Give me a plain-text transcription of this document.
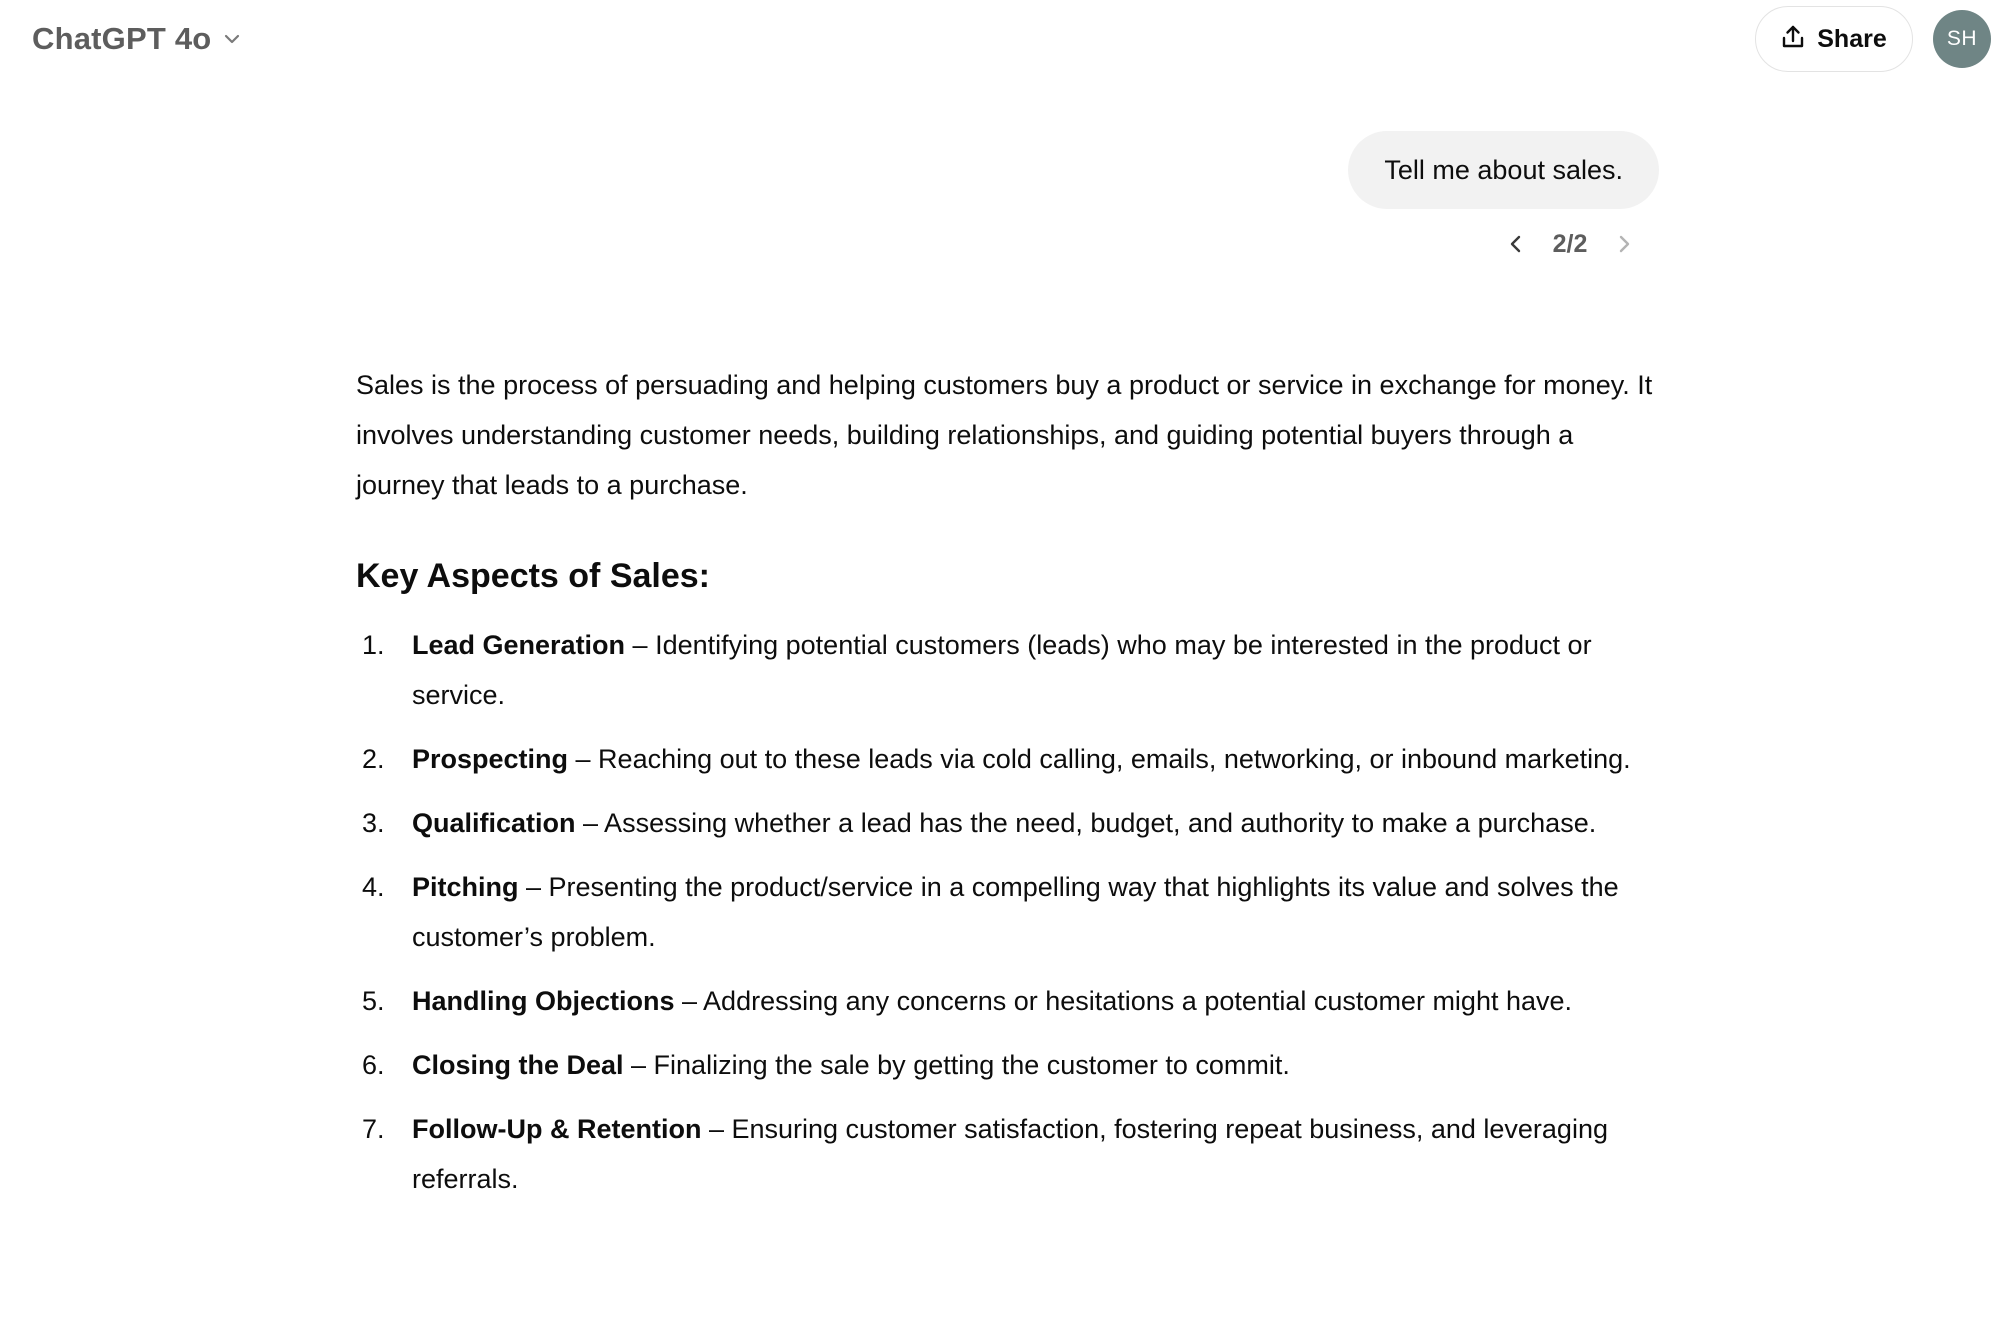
ChatGPT 4o	Share	SH
Tell me about sales.
2/2

Sales is the process of persuading and helping customers buy a product or service in exchange for money. It involves understanding customer needs, building relationships, and guiding potential buyers through a journey that leads to a purchase.

Key Aspects of Sales:
1.	Lead Generation – Identifying potential customers (leads) who may be interested in the product or service.
2.	Prospecting – Reaching out to these leads via cold calling, emails, networking, or inbound marketing.
3.	Qualification – Assessing whether a lead has the need, budget, and authority to make a purchase.
4.	Pitching – Presenting the product/service in a compelling way that highlights its value and solves the customer’s problem.
5.	Handling Objections – Addressing any concerns or hesitations a potential customer might have.
6.	Closing the Deal – Finalizing the sale by getting the customer to commit.
7.	Follow-Up & Retention – Ensuring customer satisfaction, fostering repeat business, and leveraging referrals.
